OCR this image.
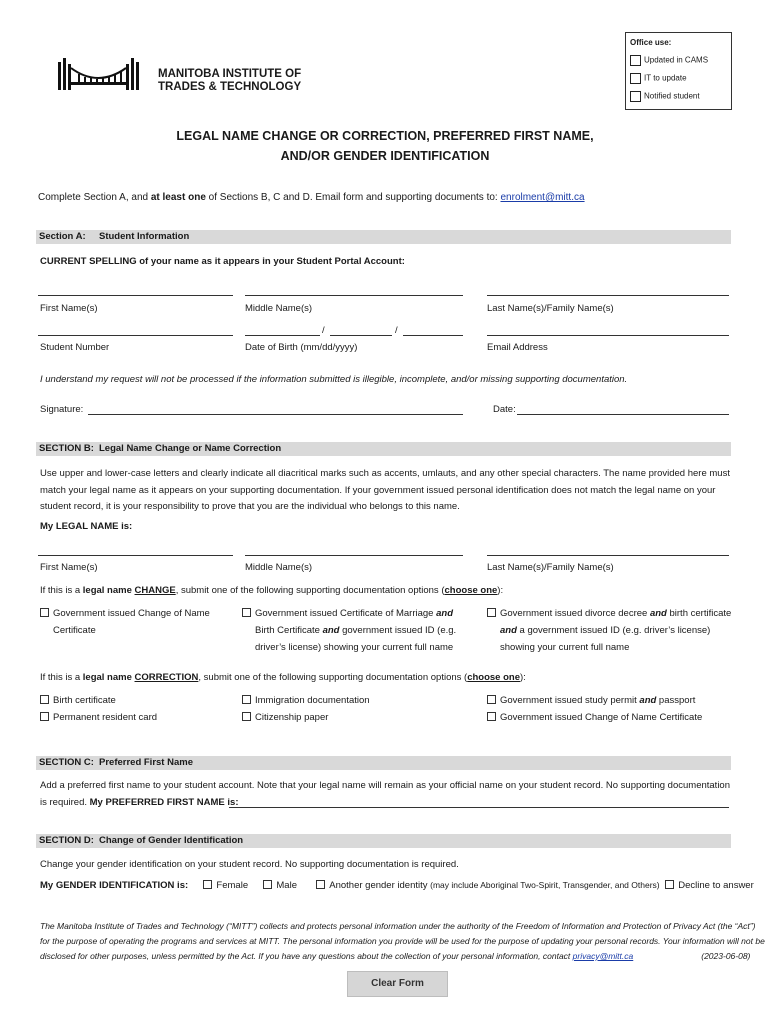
MANITOBA INSTITUTE OF
TRADES & TECHNOLOGY
Office use:
Updated in CAMS
IT to update
Notified student
LEGAL NAME CHANGE OR CORRECTION, PREFERRED FIRST NAME,
AND/OR GENDER IDENTIFICATION
Complete Section A, and at least one of Sections B, C and D. Email form and supporting documents to: enrolment@mitt.ca
Section A: Student Information
CURRENT SPELLING of your name as it appears in your Student Portal Account:
First Name(s)	Middle Name(s)	Last Name(s)/Family Name(s)
/	/
Student Number	Date of Birth (mm/dd/yyyy)	Email Address
I understand my request will not be processed if the information submitted is illegible, incomplete, and/or missing supporting documentation.
Signature:	Date:
SECTION B: Legal Name Change or Name Correction
Use upper and lower-case letters and clearly indicate all diacritical marks such as accents, umlauts, and any other special characters. The name provided here must
match your legal name as it appears on your supporting documentation. If your government issued personal identification does not match the legal name on your
student record, it is your responsibility to prove that you are the individual who belongs to this name.
My LEGAL NAME is:
First Name(s)	Middle Name(s)	Last Name(s)/Family Name(s)
If this is a legal name CHANGE, submit one of the following supporting documentation options (choose one):
Government issued Change of Name
Certificate
Government issued Certificate of Marriage and
Birth Certificate and government issued ID (e.g.
driver’s license) showing your current full name
Government issued divorce decree and birth certificate
and a government issued ID (e.g. driver’s license)
showing your current full name
If this is a legal name CORRECTION, submit one of the following supporting documentation options (choose one):
Birth certificate
Permanent resident card
Immigration documentation
Citizenship paper
Government issued study permit and passport
Government issued Change of Name Certificate
SECTION C: Preferred First Name
Add a preferred first name to your student account. Note that your legal name will remain as your official name on your student record. No supporting documentation
is required. My PREFERRED FIRST NAME is:
SECTION D: Change of Gender Identification
Change your gender identification on your student record. No supporting documentation is required.
My GENDER IDENTIFICATION is:	Female	Male	Another gender identity (may include Aboriginal Two-Spirit, Transgender, and Others) Decline to answer
The Manitoba Institute of Trades and Technology (“MITT”) collects and protects personal information under the authority of the Freedom of Information and Protection of Privacy Act (the “Act”)
for the purpose of operating the programs and services at MITT. The personal information you provide will be used for the purpose of updating your personal records. Your information will not be
disclosed for other purposes, unless permitted by the Act. If you have any questions about the collection of your personal information, contact privacy@mitt.ca	(2023-06-08)
Clear Form
